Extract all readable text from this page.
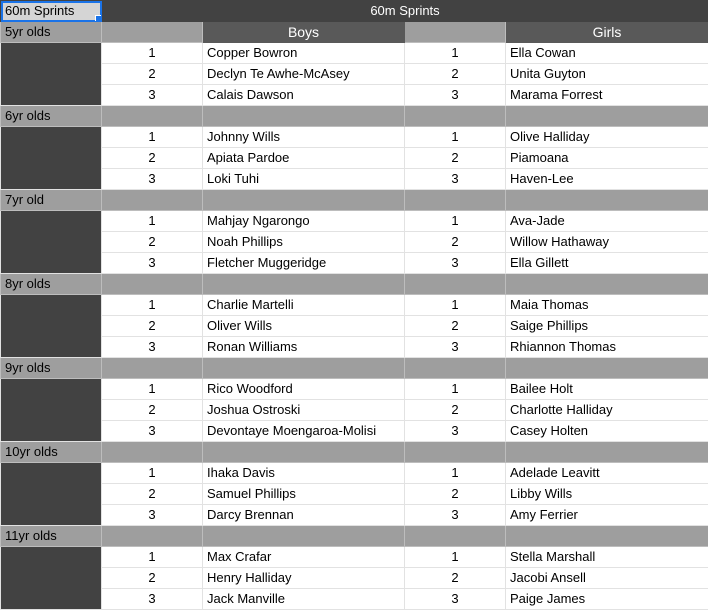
60m Sprints	60m Sprints			
5yr olds		Boys		Girls
	1	Copper Bowron	1	Ella Cowan
	2	Declyn Te Awhe-McAsey	2	Unita Guyton
	3	Calais Dawson	3	Marama Forrest
6yr olds				
	1	Johnny Wills	1	Olive Halliday
	2	Apiata Pardoe	2	Piamoana
	3	Loki Tuhi	3	Haven-Lee
7yr old				
	1	Mahjay Ngarongo	1	Ava-Jade
	2	Noah Phillips	2	Willow Hathaway
	3	Fletcher Muggeridge	3	Ella Gillett
8yr olds				
	1	Charlie Martelli	1	Maia Thomas
	2	Oliver Wills	2	Saige Phillips
	3	Ronan Williams	3	Rhiannon Thomas
9yr olds				
	1	Rico Woodford	1	Bailee Holt
	2	Joshua Ostroski	2	Charlotte Halliday
	3	Devontaye Moengaroa-Molisi	3	Casey Holten
10yr olds				
	1	Ihaka Davis	1	Adelade Leavitt
	2	Samuel Phillips	2	Libby Wills
	3	Darcy Brennan	3	Amy Ferrier
11yr olds				
	1	Max Crafar	1	Stella Marshall
	2	Henry Halliday	2	Jacobi Ansell
	3	Jack Manville	3	Paige James
